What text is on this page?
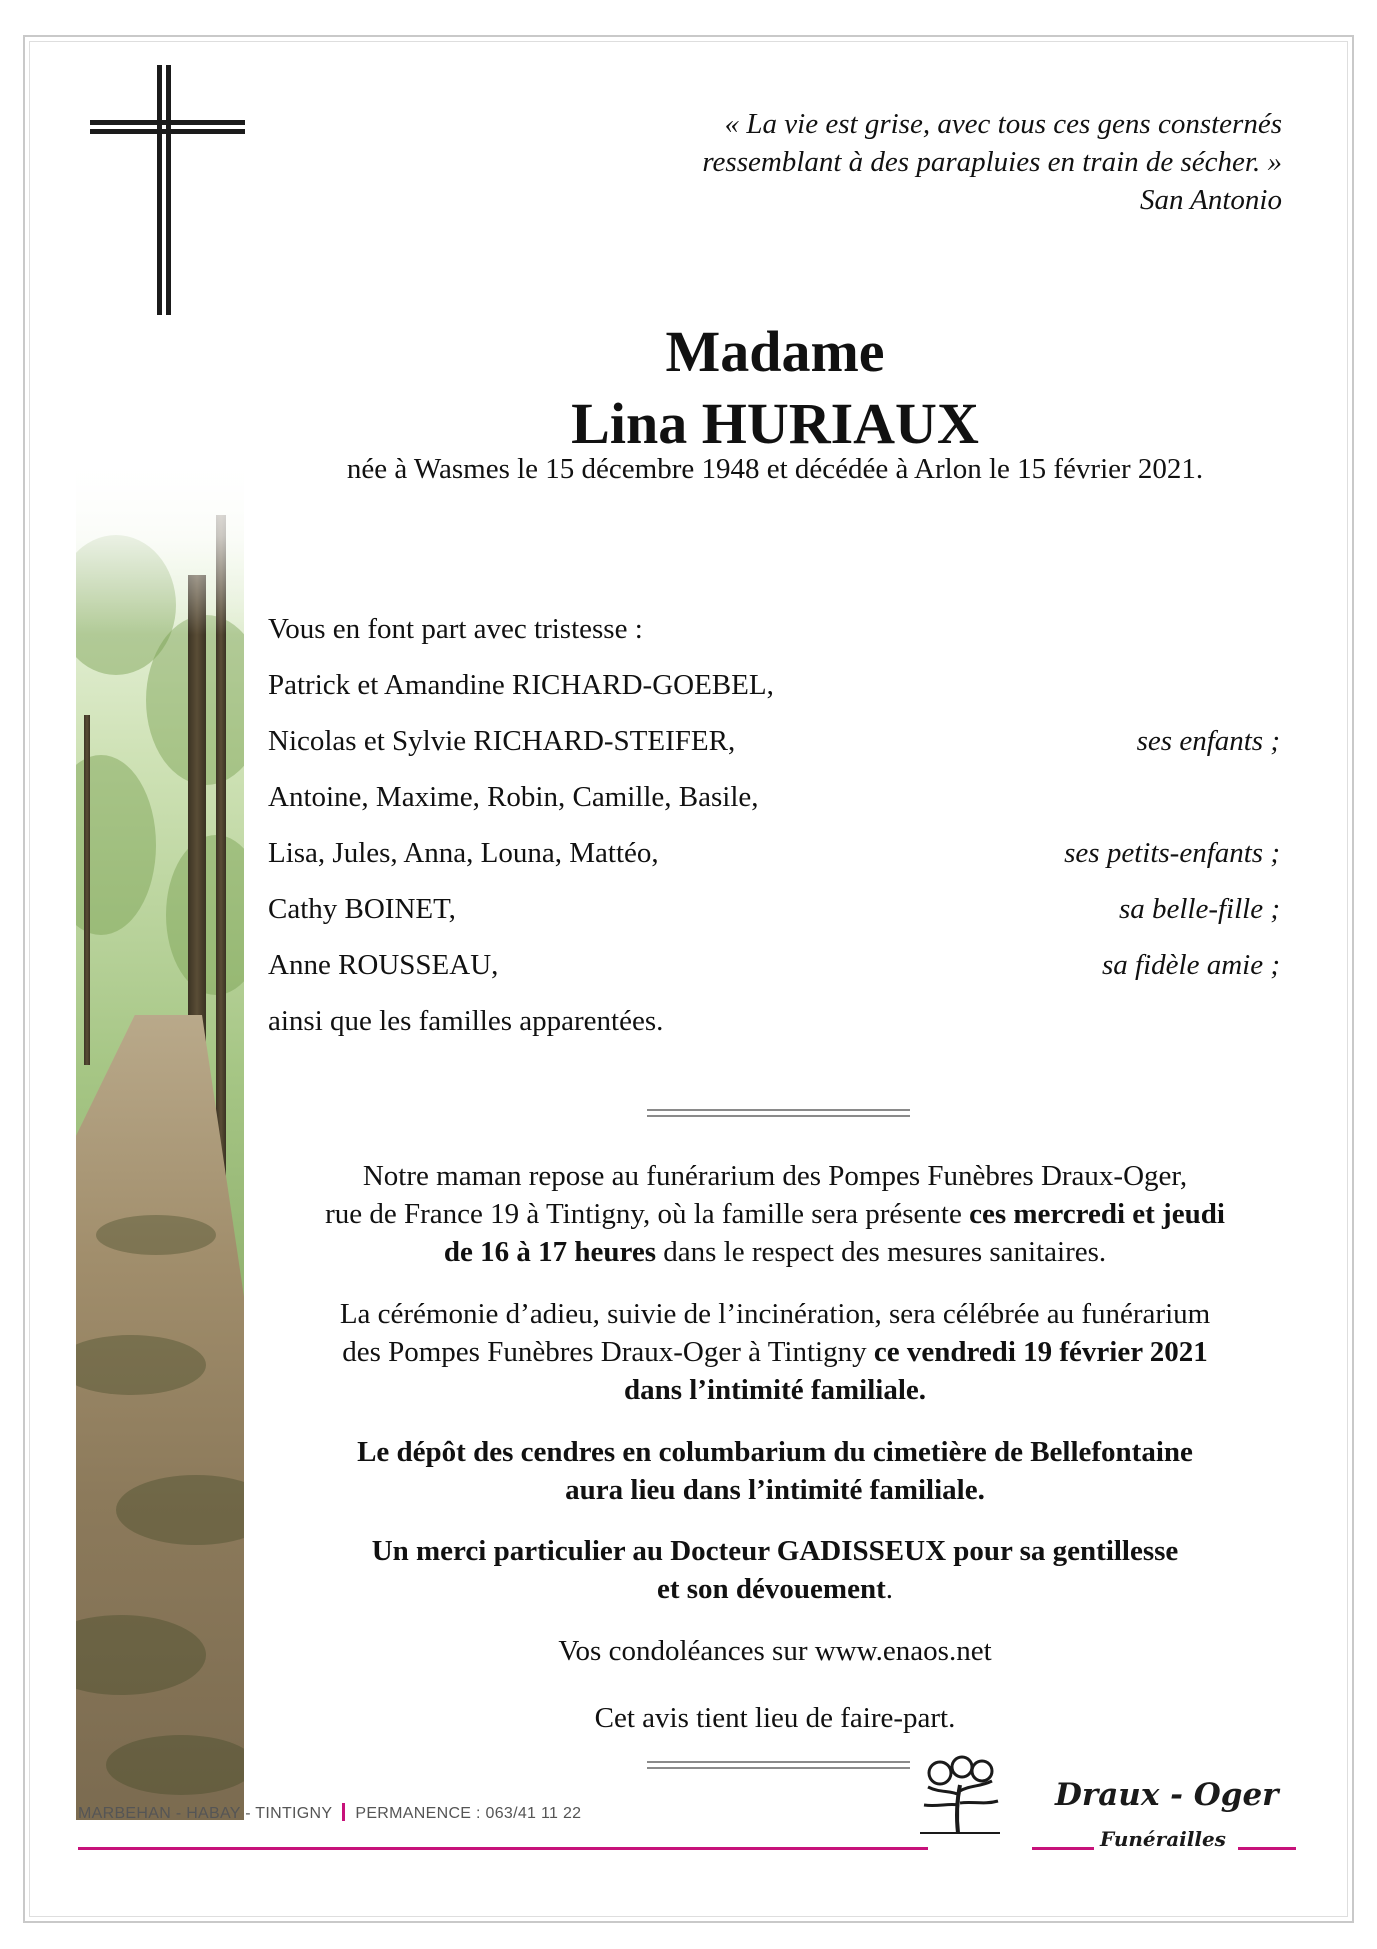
« La vie est grise, avec tous ces gens consternés
ressemblant à des parapluies en train de sécher. »
San Antonio
Madame
Lina HURIAUX
née à Wasmes le 15 décembre 1948 et décédée à Arlon le 15 février 2021.
Vous en font part avec tristesse :
Patrick et Amandine RICHARD-GOEBEL,
Nicolas et Sylvie RICHARD-STEIFER,	ses enfants ;
Antoine, Maxime, Robin, Camille, Basile,
Lisa, Jules, Anna, Louna, Mattéo,	ses petits-enfants ;
Cathy BOINET,	sa belle-fille ;
Anne ROUSSEAU,	sa fidèle amie ;
ainsi que les familles apparentées.
Notre maman repose au funérarium des Pompes Funèbres Draux-Oger,
rue de France 19 à Tintigny, où la famille sera présente ces mercredi et jeudi
de 16 à 17 heures dans le respect des mesures sanitaires.
La cérémonie d’adieu, suivie de l’incinération, sera célébrée au funérarium
des Pompes Funèbres Draux-Oger à Tintigny ce vendredi 19 février 2021
dans l’intimité familiale.
Le dépôt des cendres en columbarium du cimetière de Bellefontaine
aura lieu dans l’intimité familiale.
Un merci particulier au Docteur GADISSEUX pour sa gentillesse
et son dévouement.
Vos condoléances sur www.enaos.net
Cet avis tient lieu de faire-part.
MARBEHAN - HABAY - TINTIGNY PERMANENCE : 063/41 11 22
Draux - Oger
Funérailles
